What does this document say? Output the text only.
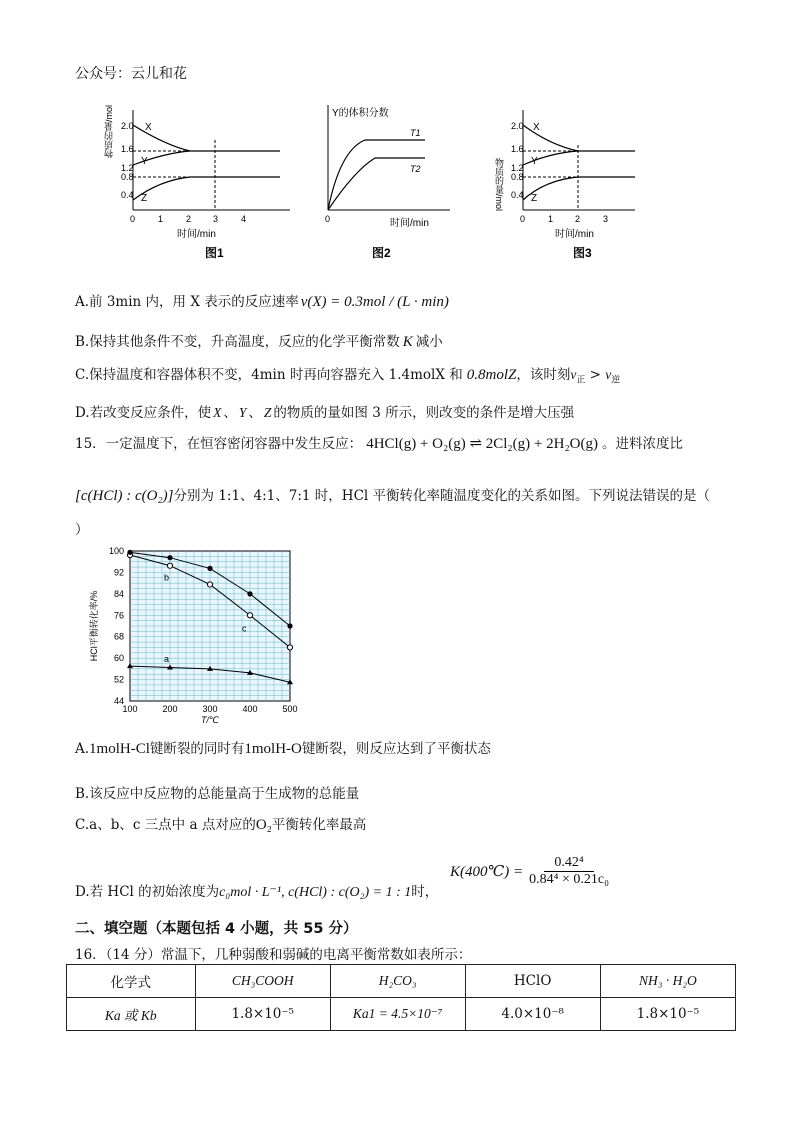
公众号：云儿和花
2.0
1.6
1.2
0.8
0.4
物质的量/mol	X
Y
Z
0	1	2 3	4
时间/min
图1
Y的体积分数
T1
T2
0	时间/min
图2
2.0
1.6
1.2
0.8
0.4
物质的量/mol
X
Y
Z
0	1 2	3
时间/min
图3
A.前 3min 内，用 X 表示的反应速率 v(X) = 0.3mol / (L · min)
B.保持其他条件不变，升高温度，反应的化学平衡常数 K 减小
C.保持温度和容器体积不变，4min 时再向容器充入 1.4molX 和 0.8molZ，该时刻$v_正 > v_逆$
D.若改变反应条件，使 X 、 Y 、 Z 的物质的量如图 3 所示，则改变的条件是增大压强
15．一定温度下，在恒容密闭容器中发生反应： 4HCl(g) + O₂(g) ⇌ 2Cl₂(g) + 2H₂O(g) 。进料浓度比
[c(HCl) : c(O₂)]分别为 1:1、4:1、7:1 时，HCl 平衡转化率随温度变化的关系如图。下列说法错误的是（
）
100
92
84
76
68
60
52
44
100	200	300	400	500
T/℃
HCl平衡转化率/%	a
b
c
A.1molH-Cl键断裂的同时有1molH-O键断裂，则反应达到了平衡状态
B.该反应中反应物的总能量高于生成物的总能量
C.a、b、c 三点中 a 点对应的O₂平衡转化率最高
D.若 HCl 的初始浓度为c₀mol · L⁻¹, c(HCl) : c(O₂) = 1 : 1时，
K(400℃) = $\frac{\text{0.42⁴}}{\text{0.84⁴ × 0.21c₀}}$
二、填空题（本题包括 4 小题，共 55 分）
16．（14 分）常温下，几种弱酸和弱碱的电离平衡常数如表所示：
化学式	CH₃COOH	H₂CO₃	HClO	NH₃ · H₂O
Ka 或 Kb	1.8×10⁻⁵	Ka1 = 4.5×10⁻⁷	4.0×10⁻⁸	1.8×10⁻⁵
